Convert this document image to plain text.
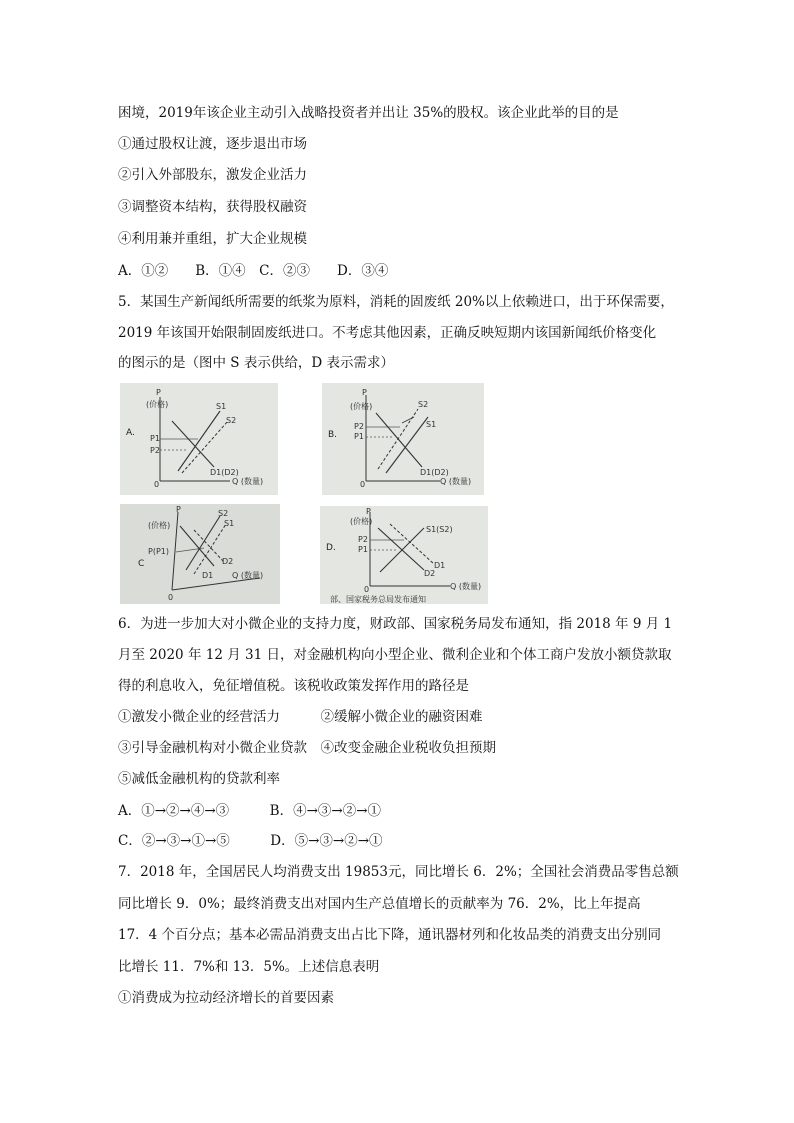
困境，2019年该企业主动引入战略投资者并出让 35%的股权。该企业此举的目的是
①通过股权让渡，逐步退出市场
②引入外部股东，激发企业活力
③调整资本结构，获得股权融资
④利用兼并重组，扩大企业规模
A．①②　　B．①④　C．②③　　D．③④
5．某国生产新闻纸所需要的纸浆为原料，消耗的固废纸 20%以上依赖进口，出于环保需要，
2019 年该国开始限制固废纸进口。不考虑其他因素，正确反映短期内该国新闻纸价格变化
的图示的是（图中 S 表示供给，D 表示需求）
P
(价格)
Q (数量)
0
A.
P1
P2
S1
S2
D1(D2)
P
(价格)
Q (数量)
0
B.
P2
P1
S2
S1
D1(D2)
P
(价格)
Q (数量)
0
C
P(P1)
S2
S1
D2
D1
P
(价格)
Q (数量)
0
D.
P2
P1
S1(S2)
D1
D2
部、国家税务总局发布通知
6．为进一步加大对小微企业的支持力度，财政部、国家税务局发布通知，指 2018 年 9 月 1
月至 2020 年 12 月 31 日，对金融机构向小型企业、微利企业和个体工商户发放小额贷款取
得的利息收入，免征增值税。该税收政策发挥作用的路径是
①激发小微企业的经营活力　　　②缓解小微企业的融资困难
③引导金融机构对小微企业贷款　④改变金融企业税收负担预期
⑤减低金融机构的贷款利率
A．①→②→④→③　　　B．④→③→②→①
C．②→③→①→⑤　　　D．⑤→③→②→①
7．2018 年，全国居民人均消费支出 19853元，同比增长 6．2%；全国社会消费品零售总额
同比增长 9．0%；最终消费支出对国内生产总值增长的贡献率为 76．2%，比上年提高
17．4 个百分点；基本必需品消费支出占比下降，通讯器材列和化妆品类的消费支出分别同
比增长 11．7%和 13．5%。上述信息表明
①消费成为拉动经济增长的首要因素
